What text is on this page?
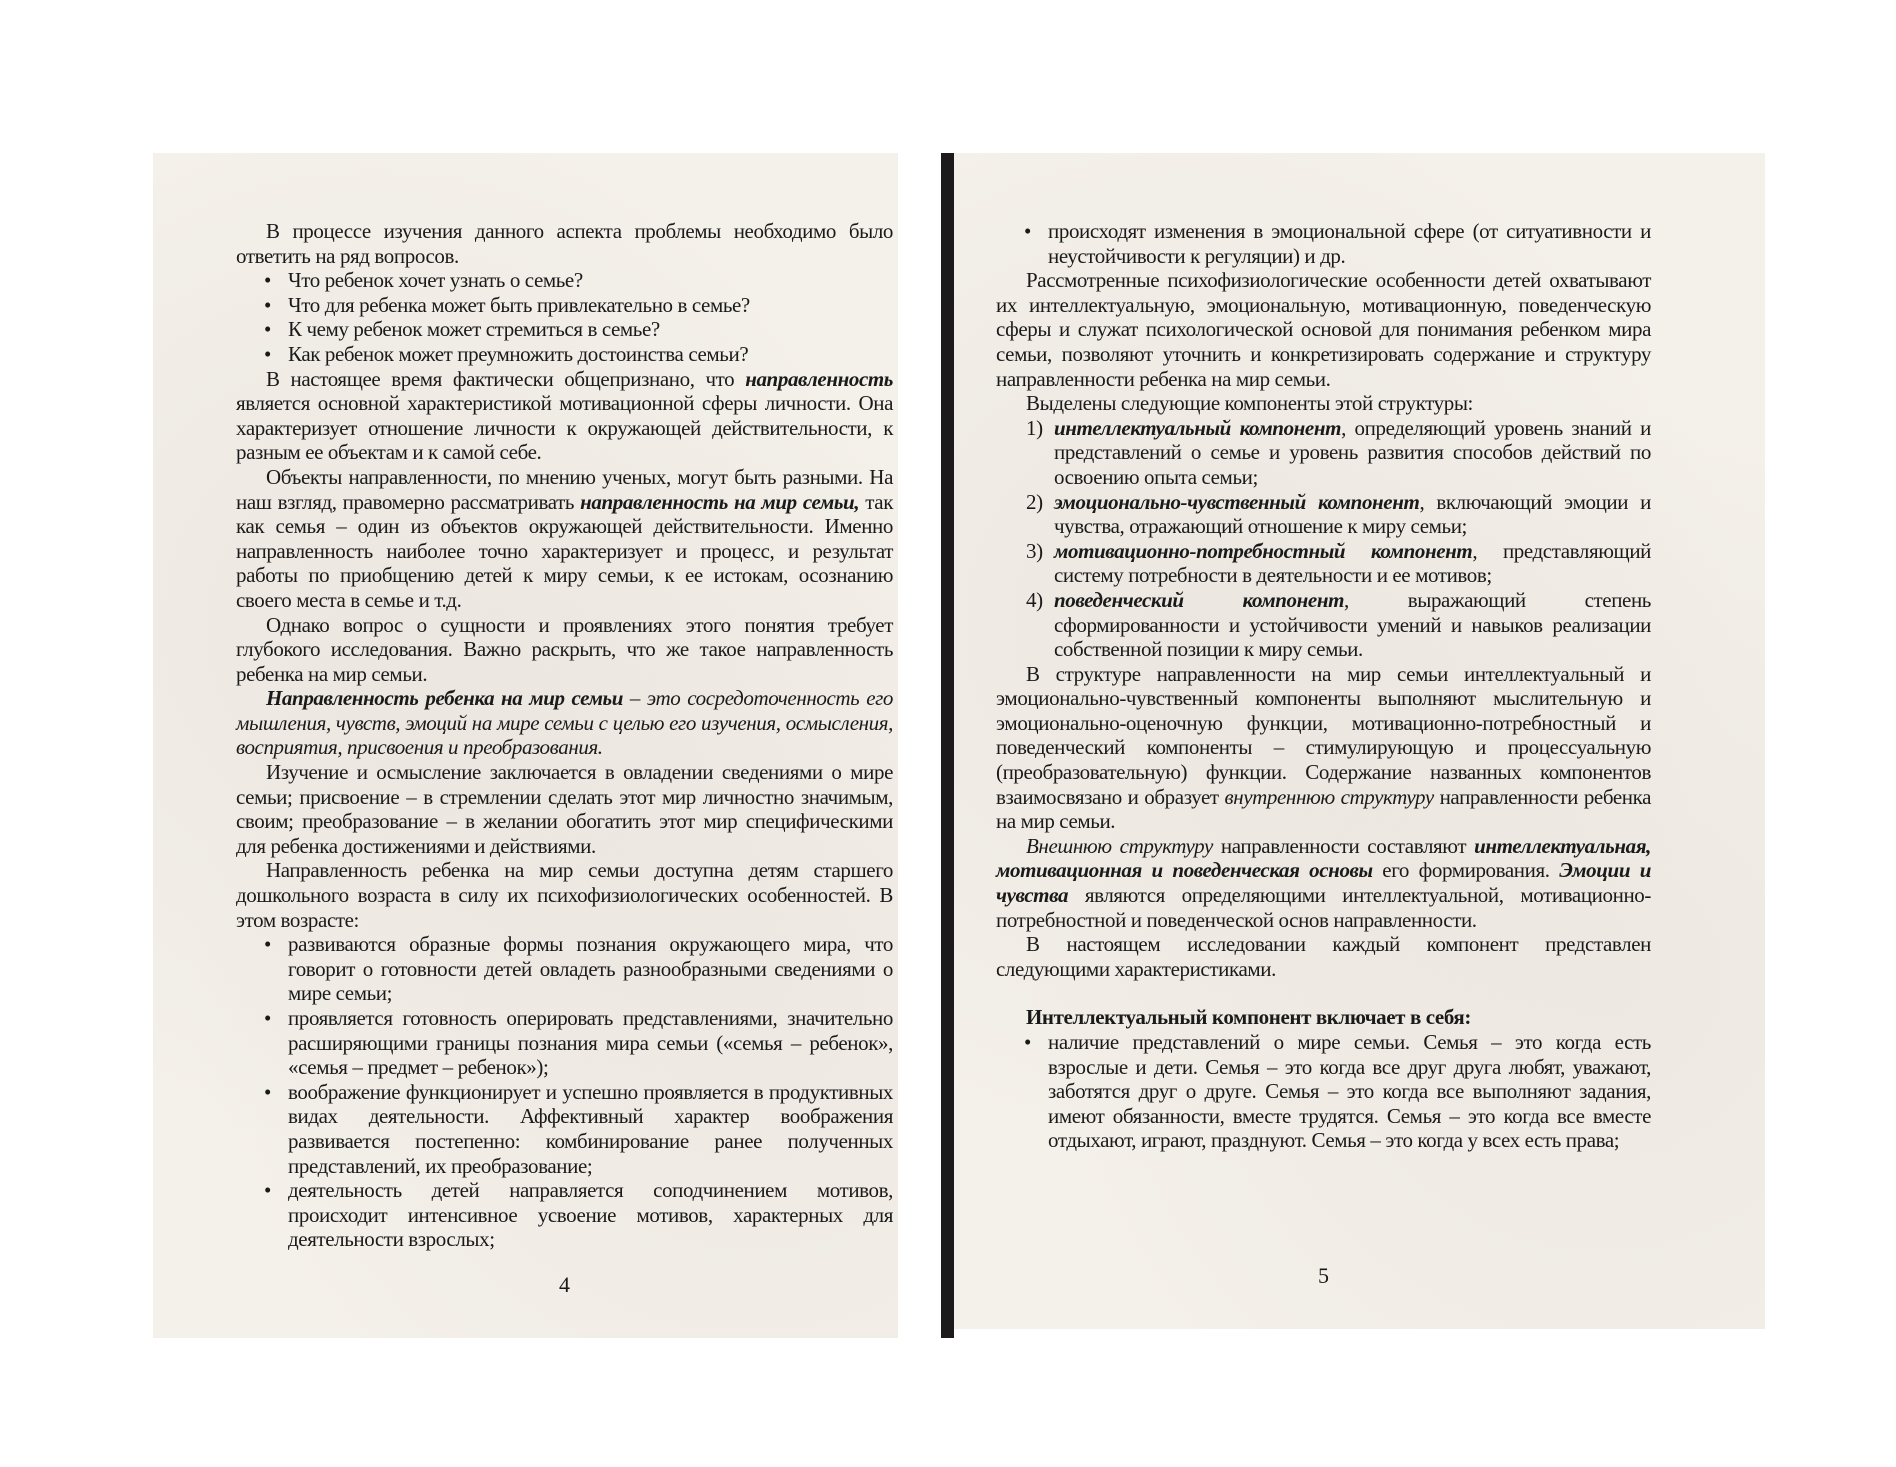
В процессе изучения данного аспекта проблемы необходимо было ответить на ряд вопросов.
• Что ребенок хочет узнать о семье?
• Что для ребенка может быть привлекательно в семье?
• К чему ребенок может стремиться в семье?
• Как ребенок может преумножить достоинства семьи?
В настоящее время фактически общепризнано, что направленность является основной характеристикой мотивационной сферы личности. Она характеризует отношение личности к окружающей действительности, к разным ее объектам и к самой себе.
Объекты направленности, по мнению ученых, могут быть разными. На наш взгляд, правомерно рассматривать направленность на мир семьи, так как семья – один из объектов окружающей действительности. Именно направленность наиболее точно характеризует и процесс, и результат работы по приобщению детей к миру семьи, к ее истокам, осознанию своего места в семье и т.д.
Однако вопрос о сущности и проявлениях этого понятия требует глубокого исследования. Важно раскрыть, что же такое направленность ребенка на мир семьи.
Направленность ребенка на мир семьи – это сосредоточенность его мышления, чувств, эмоций на мире семьи с целью его изучения, осмысления, восприятия, присвоения и преобразования.
Изучение и осмысление заключается в овладении сведениями о мире семьи; присвоение – в стремлении сделать этот мир личностно значимым, своим; преобразование – в желании обогатить этот мир специфическими для ребенка достижениями и действиями.
Направленность ребенка на мир семьи доступна детям старшего дошкольного возраста в силу их психофизиологических особенностей. В этом возрасте:
• развиваются образные формы познания окружающего мира, что говорит о готовности детей овладеть разнообразными сведениями о мире семьи;
• проявляется готовность оперировать представлениями, значительно расширяющими границы познания мира семьи («семья – ребенок», «семья – предмет – ребенок»);
• воображение функционирует и успешно проявляется в продуктивных видах деятельности. Аффективный характер воображения развивается постепенно: комбинирование ранее полученных представлений, их преобразование;
• деятельность детей направляется соподчинением мотивов, происходит интенсивное усвоение мотивов, характерных для деятельности взрослых;
4
• происходят изменения в эмоциональной сфере (от ситуативности и неустойчивости к регуляции) и др.
Рассмотренные психофизиологические особенности детей охватывают их интеллектуальную, эмоциональную, мотивационную, поведенческую сферы и служат психологической основой для понимания ребенком мира семьи, позволяют уточнить и конкретизировать содержание и структуру направленности ребенка на мир семьи.
Выделены следующие компоненты этой структуры:
1) интеллектуальный компонент, определяющий уровень знаний и представлений о семье и уровень развития способов действий по освоению опыта семьи;
2) эмоционально-чувственный компонент, включающий эмоции и чувства, отражающий отношение к миру семьи;
3) мотивационно-потребностный компонент, представляющий систему потребности в деятельности и ее мотивов;
4) поведенческий компонент, выражающий степень сформированности и устойчивости умений и навыков реализации собственной позиции к миру семьи.
В структуре направленности на мир семьи интеллектуальный и эмоционально-чувственный компоненты выполняют мыслительную и эмоционально-оценочную функции, мотивационно-потребностный и поведенческий компоненты – стимулирующую и процессуальную (преобразовательную) функции. Содержание названных компонентов взаимосвязано и образует внутреннюю структуру направленности ребенка на мир семьи.
Внешнюю структуру направленности составляют интеллектуальная, мотивационная и поведенческая основы его формирования. Эмоции и чувства являются определяющими интеллектуальной, мотивационно-потребностной и поведенческой основ направленности.
В настоящем исследовании каждый компонент представлен следующими характеристиками.
Интеллектуальный компонент включает в себя:
• наличие представлений о мире семьи. Семья – это когда есть взрослые и дети. Семья – это когда все друг друга любят, уважают, заботятся друг о друге. Семья – это когда все выполняют задания, имеют обязанности, вместе трудятся. Семья – это когда все вместе отдыхают, играют, празднуют. Семья – это когда у всех есть права;
5
